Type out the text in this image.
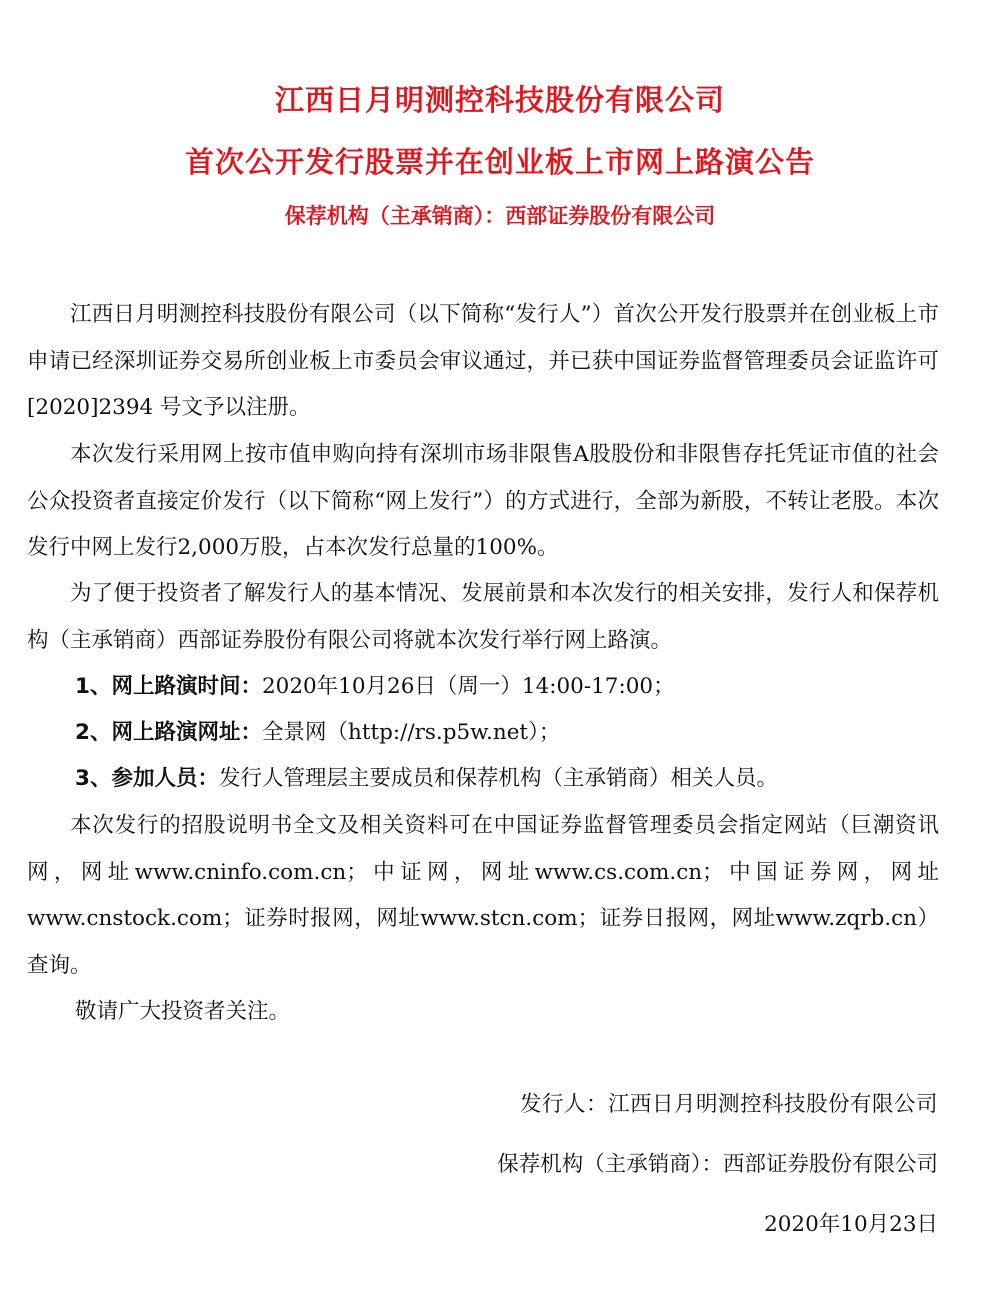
江西日月明测控科技股份有限公司
首次公开发行股票并在创业板上市网上路演公告
保荐机构（主承销商）：西部证券股份有限公司

江西日月明测控科技股份有限公司（以下简称“发行人”）首次公开发行股票并在创业板上市申请已经深圳证券交易所创业板上市委员会审议通过，并已获中国证券监督管理委员会证监许可[2020]2394 号文予以注册。

本次发行采用网上按市值申购向持有深圳市场非限售A股股份和非限售存托凭证市值的社会公众投资者直接定价发行（以下简称“网上发行”）的方式进行，全部为新股，不转让老股。本次发行中网上发行2,000万股，占本次发行总量的100%。

为了便于投资者了解发行人的基本情况、发展前景和本次发行的相关安排，发行人和保荐机构（主承销商）西部证券股份有限公司将就本次发行举行网上路演。

1、网上路演时间：2020年10月26日（周一）14:00-17:00；
2、网上路演网址：全景网（http://rs.p5w.net）；
3、参加人员：发行人管理层主要成员和保荐机构（主承销商）相关人员。

本次发行的招股说明书全文及相关资料可在中国证券监督管理委员会指定网站（巨潮资讯网，网址www.cninfo.com.cn；中证网，网址www.cs.com.cn；中国证券网，网址www.cnstock.com；证券时报网，网址www.stcn.com；证券日报网，网址www.zqrb.cn）查询。

敬请广大投资者关注。
发行人：江西日月明测控科技股份有限公司
保荐机构（主承销商）：西部证券股份有限公司
2020年10月23日
